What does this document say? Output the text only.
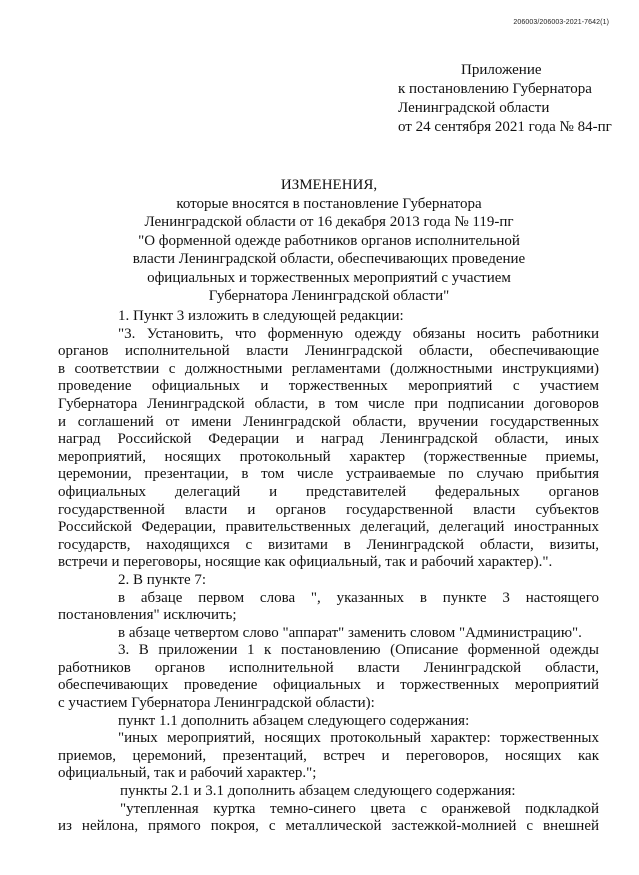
206003/206003-2021-7642(1)
Приложение
к постановлению Губернатора
Ленинградской области
от 24 сентября 2021 года № 84-пг
ИЗМЕНЕНИЯ,
которые вносятся в постановление Губернатора
Ленинградской области от 16 декабря 2013 года № 119-пг
"О форменной одежде работников органов исполнительной
власти Ленинградской области, обеспечивающих проведение
официальных и торжественных мероприятий с участием
Губернатора Ленинградской области"
1. Пункт 3 изложить в следующей редакции:
"3. Установить, что форменную одежду обязаны носить работники
органов исполнительной власти Ленинградской области, обеспечивающие
в соответствии с должностными регламентами (должностными инструкциями)
проведение официальных и торжественных мероприятий с участием
Губернатора Ленинградской области, в том числе при подписании договоров
и соглашений от имени Ленинградской области, вручении государственных
наград Российской Федерации и наград Ленинградской области, иных
мероприятий, носящих протокольный характер (торжественные приемы,
церемонии, презентации, в том числе устраиваемые по случаю прибытия
официальных делегаций и представителей федеральных органов
государственной власти и органов государственной власти субъектов
Российской Федерации, правительственных делегаций, делегаций иностранных
государств, находящихся с визитами в Ленинградской области, визиты,
встречи и переговоры, носящие как официальный, так и рабочий характер).".
2. В пункте 7:
в абзаце первом слова ", указанных в пункте 3 настоящего
постановления" исключить;
в абзаце четвертом слово "аппарат" заменить словом "Администрацию".
3. В приложении 1 к постановлению (Описание форменной одежды
работников органов исполнительной власти Ленинградской области,
обеспечивающих проведение официальных и торжественных мероприятий
с участием Губернатора Ленинградской области):
пункт 1.1 дополнить абзацем следующего содержания:
"иных мероприятий, носящих протокольный характер: торжественных
приемов, церемоний, презентаций, встреч и переговоров, носящих как
официальный, так и рабочий характер.";
пункты 2.1 и 3.1 дополнить абзацем следующего содержания:
"утепленная куртка темно-синего цвета с оранжевой подкладкой
из нейлона, прямого покроя, с металлической застежкой-молнией с внешней
